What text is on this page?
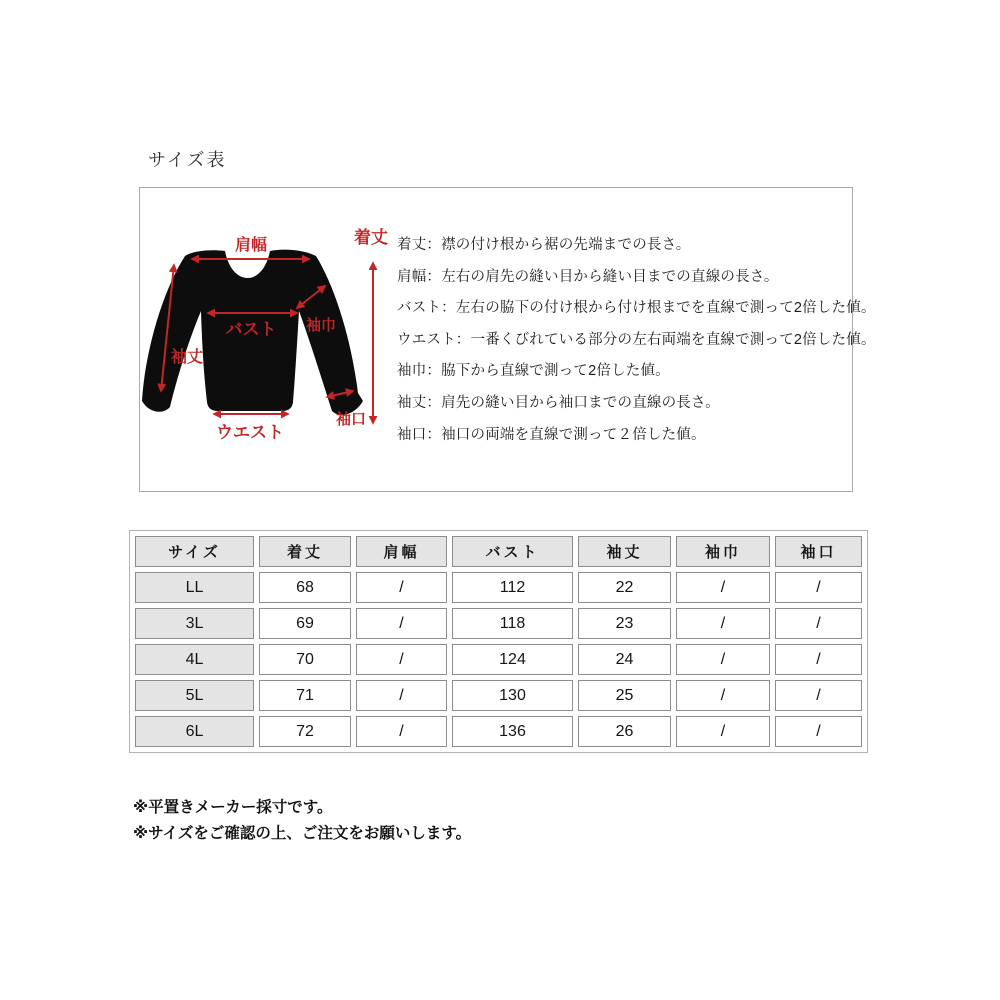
サイズ表
肩幅	着丈
バスト 袖巾
袖丈
ウエスト
袖口
着丈：襟の付け根から裾の先端までの長さ。
肩幅：左右の肩先の縫い目から縫い目までの直線の長さ。
バスト：左右の脇下の付け根から付け根までを直線で測って2倍した値。
ウエスト：一番くびれている部分の左右両端を直線で測って2倍した値。
袖巾：脇下から直線で測って2倍した値。
袖丈：肩先の縫い目から袖口までの直線の長さ。
袖口：袖口の両端を直線で測って２倍した値。
サイズ	着丈	肩幅	バスト	袖丈	袖巾	袖口
LL	68	/	112	22	/	/
3L	69	/	118	23	/	/
4L	70	/	124	24	/	/
5L	71	/	130	25	/	/
6L	72	/	136	26	/	/
※平置きメーカー採寸です。
※サイズをご確認の上、ご注文をお願いします。
